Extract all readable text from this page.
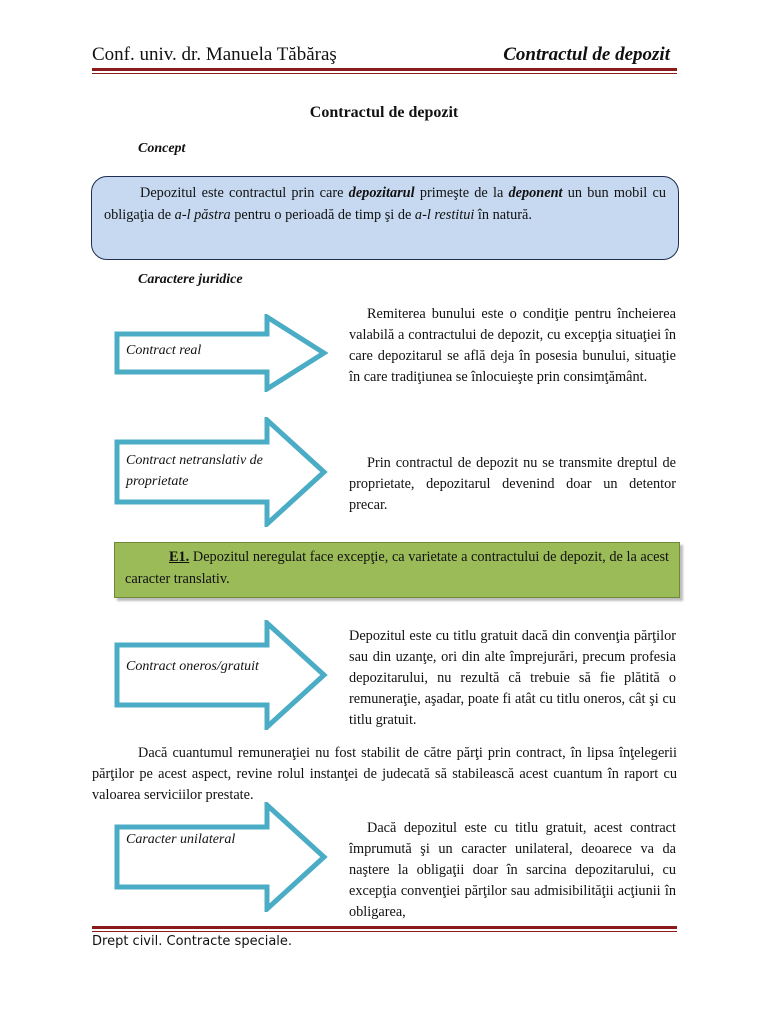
Conf. univ. dr. Manuela Tăbăraş	Contractul de depozit
Contractul de depozit
Concept
Depozitul este contractul prin care depozitarul primeşte de la deponent un bun mobil cu obligaţia de a-l păstra pentru o perioadă de timp şi de a-l restitui în natură.
Caractere juridice
Contract real
Remiterea bunului este o condiţie pentru încheierea valabilă a contractului de depozit, cu excepţia situaţiei în care depozitarul se află deja în posesia bunului, situaţie în care tradiţiunea se înlocuieşte prin consimţământ.
Contract netranslativ de proprietate
Prin contractul de depozit nu se transmite dreptul de proprietate, depozitarul devenind doar un detentor precar.
E1. Depozitul neregulat face excepţie, ca varietate a contractului de depozit, de la acest caracter translativ.
Contract oneros/gratuit
Depozitul este cu titlu gratuit dacă din convenţia părţilor sau din uzanţe, ori din alte împrejurări, precum profesia depozitarului, nu rezultă că trebuie să fie plătită o remuneraţie, aşadar, poate fi atât cu titlu oneros, cât şi cu titlu gratuit.
Dacă cuantumul remuneraţiei nu fost stabilit de către părţi prin contract, în lipsa înţelegerii părţilor pe acest aspect, revine rolul instanţei de judecată să stabilească acest cuantum în raport cu valoarea serviciilor prestate.
Caracter unilateral
Dacă depozitul este cu titlu gratuit, acest contract împrumută şi un caracter unilateral, deoarece va da naştere la obligaţii doar în sarcina depozitarului, cu excepţia convenţiei părţilor sau admisibilităţii acţiunii în obligarea,
Drept civil. Contracte speciale.
